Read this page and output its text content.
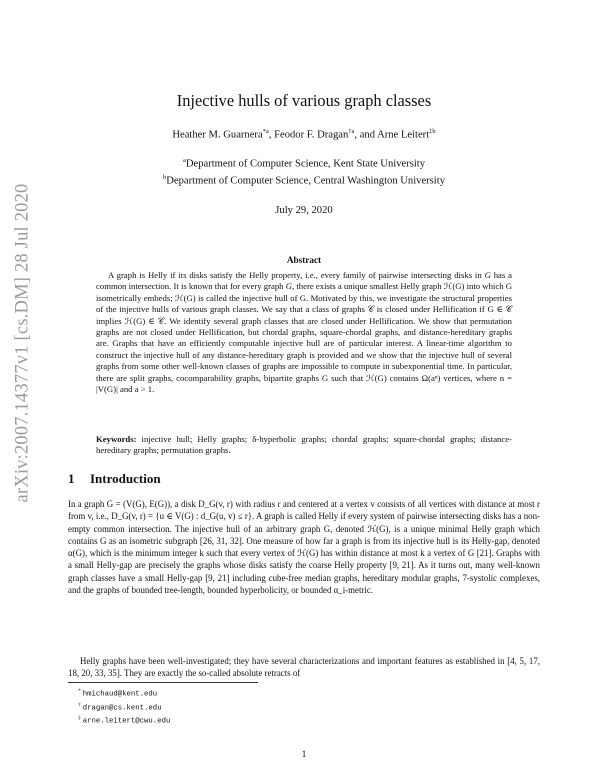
arXiv:2007.14377v1 [cs.DM] 28 Jul 2020
Injective hulls of various graph classes
Heather M. Guarnera$^{*a}$, Feodor F. Dragan$^{\dagger a}$, and Arne Leitert$^{\ddagger b}$
$^a$Department of Computer Science, Kent State University
$^b$Department of Computer Science, Central Washington University
July 29, 2020
Abstract

A graph is Helly if its disks satisfy the Helly property, i.e., every family of pairwise intersecting disks in G has a common intersection. It is known that for every graph G, there exists a unique smallest Helly graph ℋ(G) into which G isometrically embeds; ℋ(G) is called the injective hull of G. Motivated by this, we investigate the structural properties of the injective hulls of various graph classes. We say that a class of graphs 𝒞 is closed under Hellification if G ∈ 𝒞 implies ℋ(G) ∈ 𝒞. We identify several graph classes that are closed under Hellification. We show that permutation graphs are not closed under Hellification, but chordal graphs, square-chordal graphs, and distance-hereditary graphs are. Graphs that have an efficiently computable injective hull are of particular interest. A linear-time algorithm to construct the injective hull of any distance-hereditary graph is provided and we show that the injective hull of several graphs from some other well-known classes of graphs are impossible to compute in subexponential time. In particular, there are split graphs, cocomparability graphs, bipartite graphs G such that ℋ(G) contains Ω(aⁿ) vertices, where n = |V(G)| and a > 1.

Keywords: injective hull; Helly graphs; δ-hyperbolic graphs; chordal graphs; square-chordal graphs; distance-hereditary graphs; permutation graphs.

1 Introduction

In a graph G = (V(G), E(G)), a disk D_G(v, r) with radius r and centered at a vertex v consists of all vertices with distance at most r from v, i.e., D_G(v, r) = {u ∈ V(G) : d_G(u, v) ≤ r}. A graph is called Helly if every system of pairwise intersecting disks has a non-empty common intersection. The injective hull of an arbitrary graph G, denoted ℋ(G), is a unique minimal Helly graph which contains G as an isometric subgraph [26, 31, 32]. One measure of how far a graph is from its injective hull is its Helly-gap, denoted α(G), which is the minimum integer k such that every vertex of ℋ(G) has within distance at most k a vertex of G [21]. Graphs with a small Helly-gap are precisely the graphs whose disks satisfy the coarse Helly property [9, 21]. As it turns out, many well-known graph classes have a small Helly-gap [9, 21] including cube-free median graphs, hereditary modular graphs, 7-systolic complexes, and the graphs of bounded tree-length, bounded hyperbolicity, or bounded α_i-metric.

Helly graphs have been well-investigated; they have several characterizations and important features as established in [4, 5, 17, 18, 20, 33, 35]. They are exactly the so-called absolute retracts of

* hmichaud@kent.edu
† dragan@cs.kent.edu
‡ arne.leitert@cwu.edu
1
